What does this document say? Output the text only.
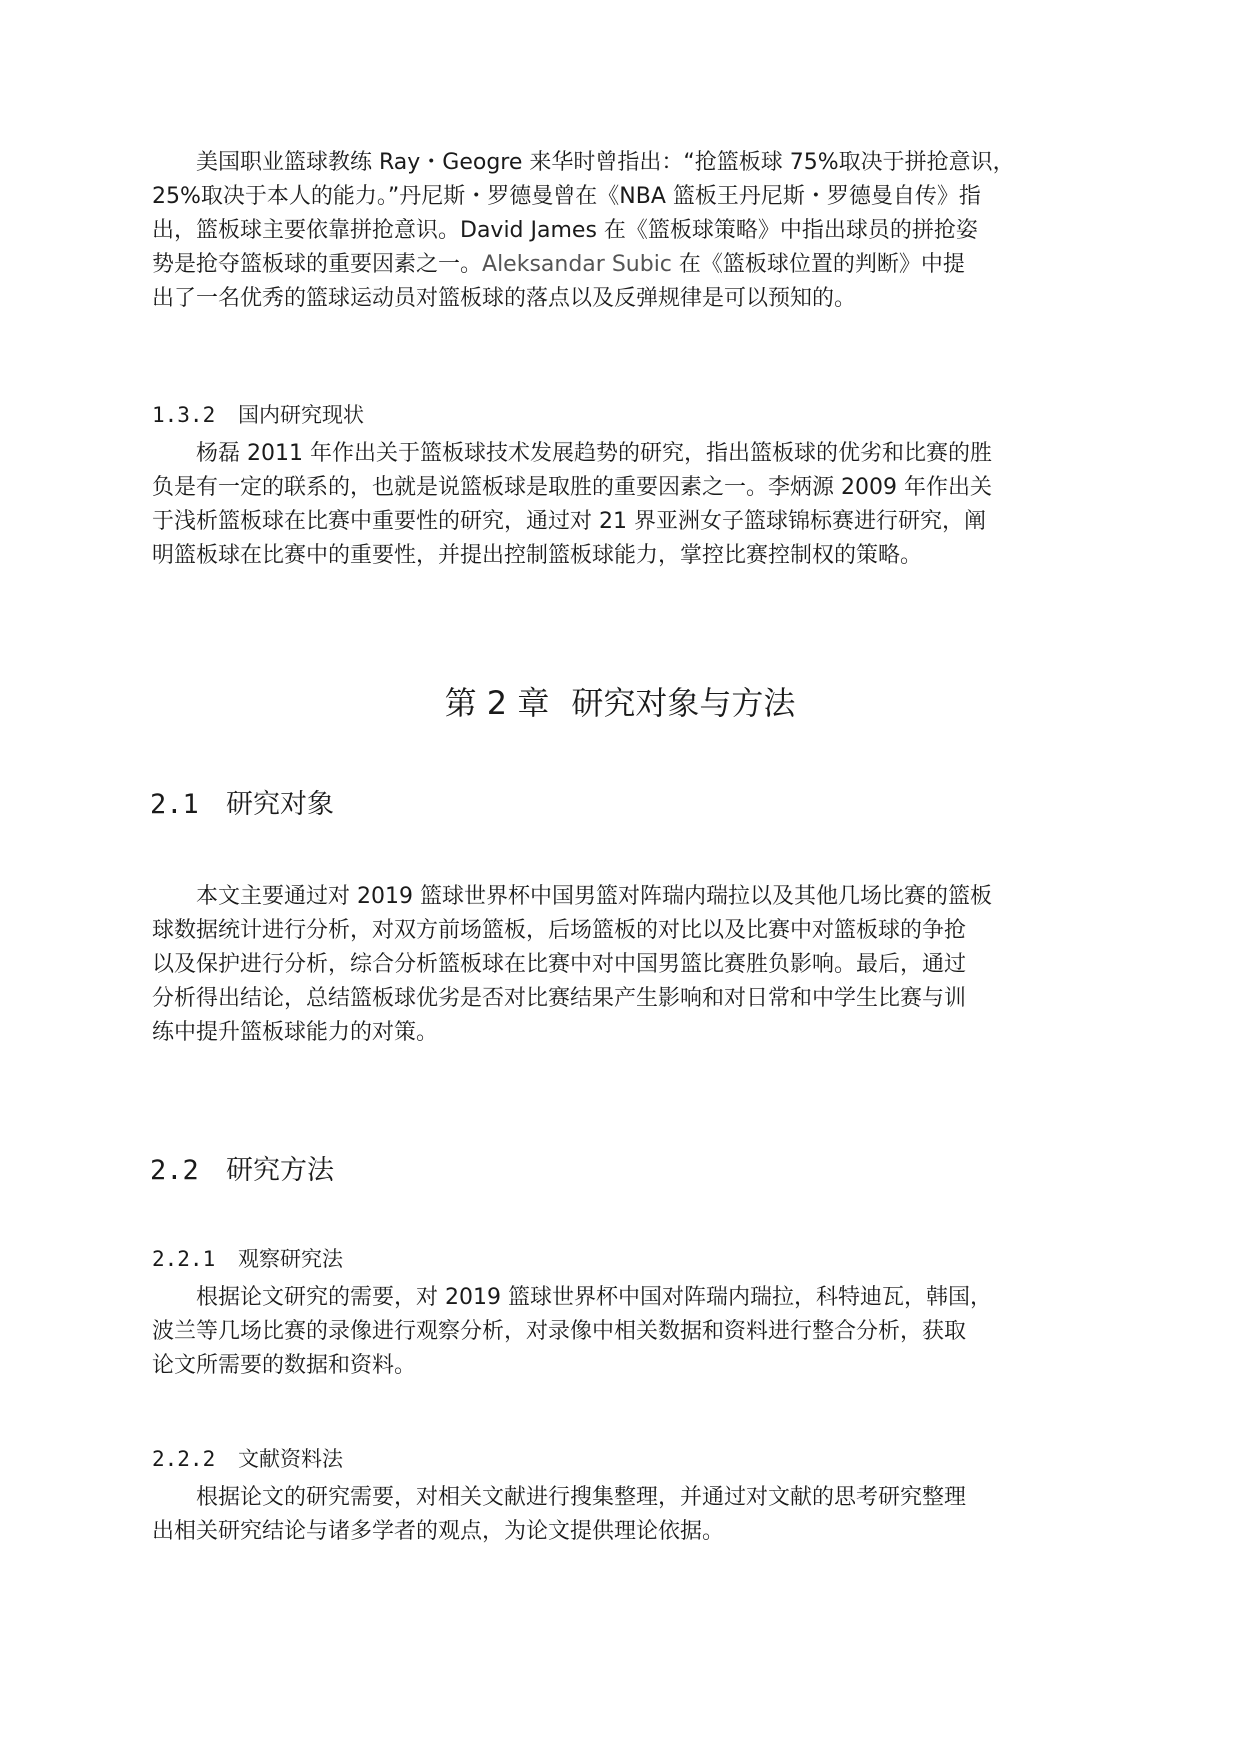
美国职业篮球教练 Ray・Geogre 来华时曾指出：“抢篮板球 75%取决于拼抢意识，
25%取决于本人的能力。”丹尼斯・罗德曼曾在《NBA 篮板王丹尼斯・罗德曼自传》指
出，篮板球主要依靠拼抢意识。David James 在《篮板球策略》中指出球员的拼抢姿
势是抢夺篮板球的重要因素之一。Aleksandar Subic 在《篮板球位置的判断》中提
出了一名优秀的篮球运动员对篮板球的落点以及反弹规律是可以预知的。

1.3.2 国内研究现状

杨磊 2011 年作出关于篮板球技术发展趋势的研究，指出篮板球的优劣和比赛的胜
负是有一定的联系的，也就是说篮板球是取胜的重要因素之一。李炳源 2009 年作出关
于浅析篮板球在比赛中重要性的研究，通过对 21 界亚洲女子篮球锦标赛进行研究，阐
明篮板球在比赛中的重要性，并提出控制篮板球能力，掌控比赛控制权的策略。

第 2 章 研究对象与方法
2.1 研究对象

本文主要通过对 2019 篮球世界杯中国男篮对阵瑞内瑞拉以及其他几场比赛的篮板
球数据统计进行分析，对双方前场篮板，后场篮板的对比以及比赛中对篮板球的争抢
以及保护进行分析，综合分析篮板球在比赛中对中国男篮比赛胜负影响。最后，通过
分析得出结论，总结篮板球优劣是否对比赛结果产生影响和对日常和中学生比赛与训
练中提升篮板球能力的对策。

2.2 研究方法
2.2.1 观察研究法

根据论文研究的需要，对 2019 篮球世界杯中国对阵瑞内瑞拉，科特迪瓦，韩国，
波兰等几场比赛的录像进行观察分析，对录像中相关数据和资料进行整合分析，获取
论文所需要的数据和资料。

2.2.2 文献资料法

根据论文的研究需要，对相关文献进行搜集整理，并通过对文献的思考研究整理
出相关研究结论与诸多学者的观点，为论文提供理论依据。
